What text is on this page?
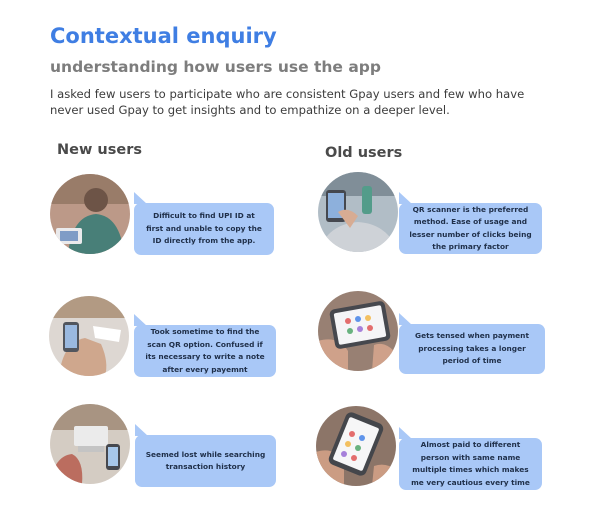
Contextual enquiry
understanding how users use the app
I asked few users to participate who are consistent Gpay users and few who have never used Gpay to get insights and to empathize on a deeper level.
New users	Old users
Difficult to find UPI ID at first and unable to copy the ID directly from the app.
Took sometime to find the scan QR option. Confused if its necessary to write a note after every payemnt
Seemed lost while searching transaction history
QR scanner is the preferred method. Ease of usage and lesser number of clicks being the primary factor
Gets tensed when payment processing takes a longer period of time
Almost paid to different person with same name multiple times which makes me very cautious every time
